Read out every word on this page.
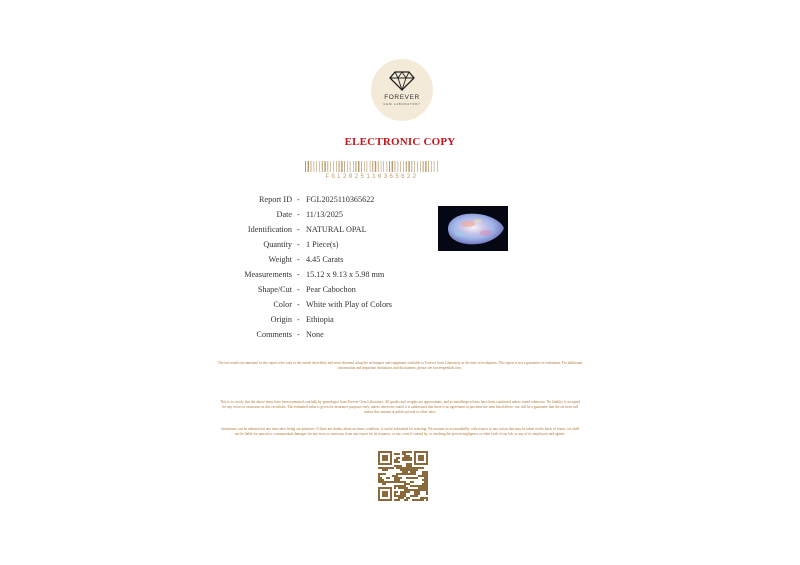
FOREVER
GEM LABORATORY
ELECTRONIC COPY
FGL2025110365622
Report ID - FGL2025110365622
Date - 11/13/2025
Identification - NATURAL OPAL
Quantity - 1 Piece(s)
Weight - 4.45 Carats
Measurements - 15.12 x 9.13 x 5.98 mm
Shape/Cut - Pear Cabochon
Color - White with Play of Colors
Origin - Ethiopia
Comments - None
The test results documented in this report refer only to the article described, and were obtained using the techniques and equipment available to Forever Gem Laboratory at the time of evaluation. This report is not a guarantee or evaluation. For additional information and important limitations and disclaimers, please see forevergemlab.com.
This is to certify that the above items have been examined carefully by gemologist from Forever Gem Laboratory. All grades and weights are approximate, and as metallurgical tests have been conducted unless stated otherwise. No liability is accepted for any errors or omissions in this certificate. The estimated value is given for insurance purposes only, unless otherwise stated it is understood that there is no agreement to purchase the item listed above, nor will be a guarantee that the set item will realize this amount at public private or other sales.
Gemstones can be enhanced at any time after living our premises. If there are doubts about an items condition, it can be submitted for retesting. We assume no accountability with respect to any action that may be taken on the basis of report, we shall not be liable for special or consequential damages for any error or omission, from any report for its issuance, or use, even if caused by, or resulting the proven negligence or other fault of our lab, or any of its employees and agents.
